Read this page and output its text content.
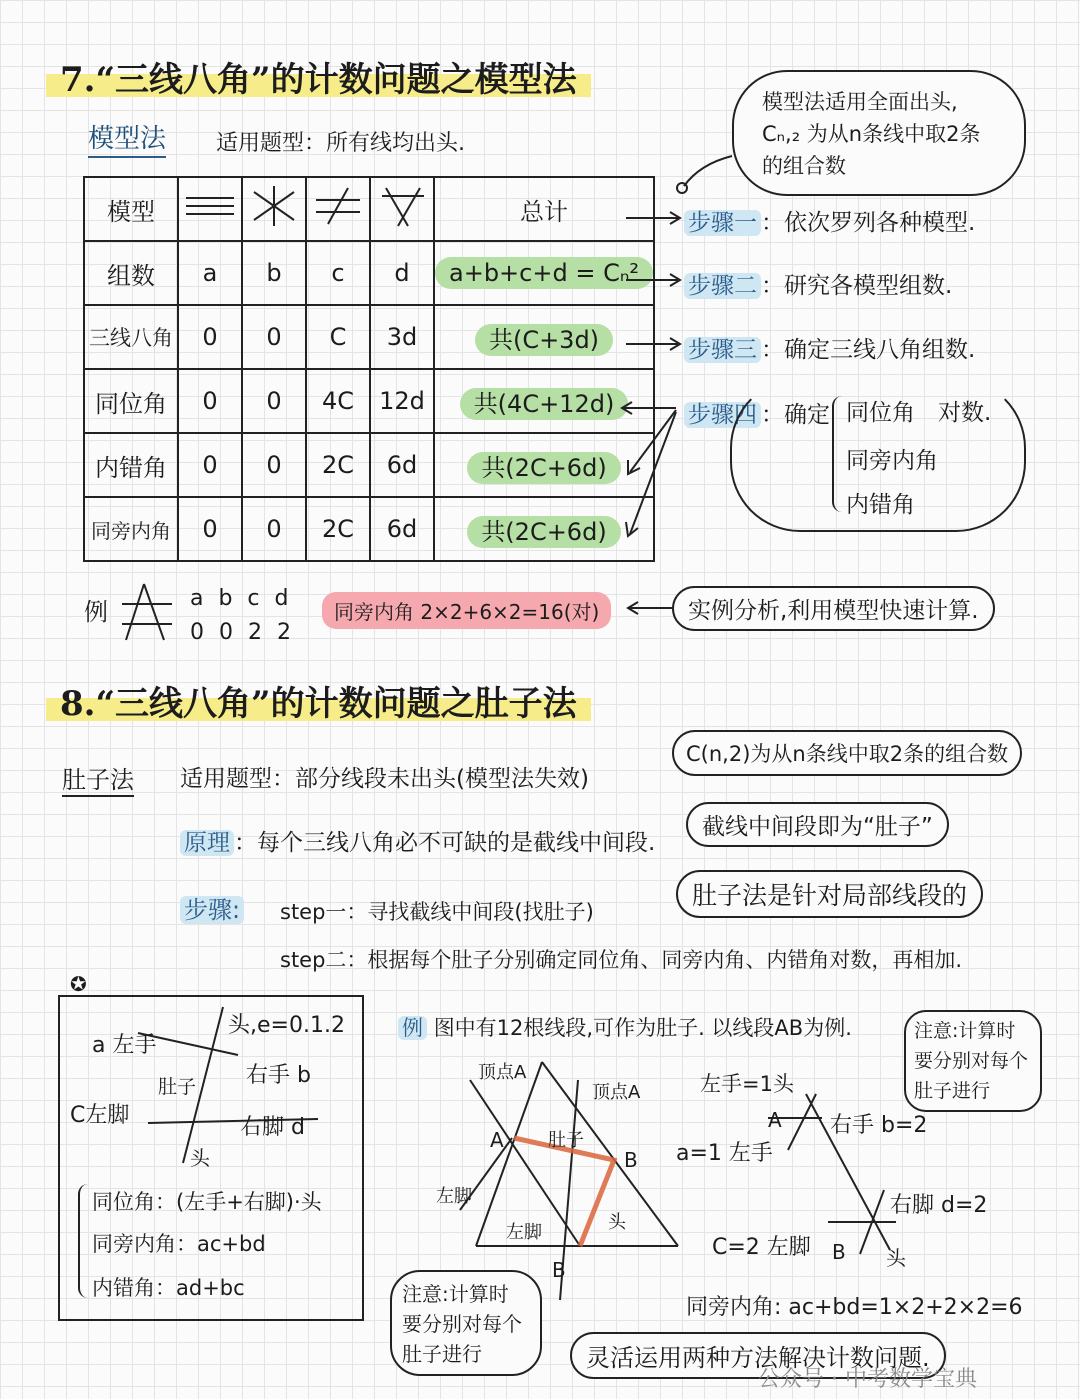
7.“三线八角”的计数问题之模型法
模型法 适用题型：所有线均出头.
模型法适用全面出头,
Cₙ,₂ 为从n条线中取2条
的组合数
模型					总计
组数	a	b	c	d	a+b+c+d = Cₙ²
三线八角	0	0	C	3d	共(C+3d)
同位角	0	0	4C	12d	共(4C+12d)
内错角	0	0	2C	6d	共(2C+6d)
同旁内角	0	0	2C	6d	共(2C+6d)
步骤一 ：依次罗列各种模型.
步骤二 ：研究各模型组数.
步骤三 ：确定三线八角组数.
步骤四 ：确定 同位角 对数.
同旁内角
内错角
例	a b c d
0 0 2 2
同旁内角 2×2+6×2=16(对)	实例分析,利用模型快速计算.
8.“三线八角”的计数问题之肚子法
肚子法 适用题型：部分线段未出头(模型法失效)
C(n,2)为从n条线中取2条的组合数
原理 ：每个三线八角必不可缺的是截线中间段.
截线中间段即为“肚子”
步骤: step一：寻找截线中间段(找肚子)
肚子法是针对局部线段的
step二：根据每个肚子分别确定同位角、同旁内角、内错角对数，再相加.
✪
a 左手
头,e=0.1.2
肚子 右手 b
C左脚	右脚 d
头
同位角：(左手+右脚)·头
同旁内角：ac+bd
内错角：ad+bc
例 图中有12根线段,可作为肚子. 以线段AB为例.	注意:计算时
要分别对每个
肚子进行
顶点A
顶点A
A 肚子
B
左脚
左脚	头
B
左手=1头
A 右手 b=2
a=1 左手
右脚 d=2
C=2 左脚 B 头
注意:计算时
要分别对每个
肚子进行
同旁内角: ac+bd=1×2+2×2=6
灵活运用两种方法解决计数问题.
公众号 · 中考数学宝典
